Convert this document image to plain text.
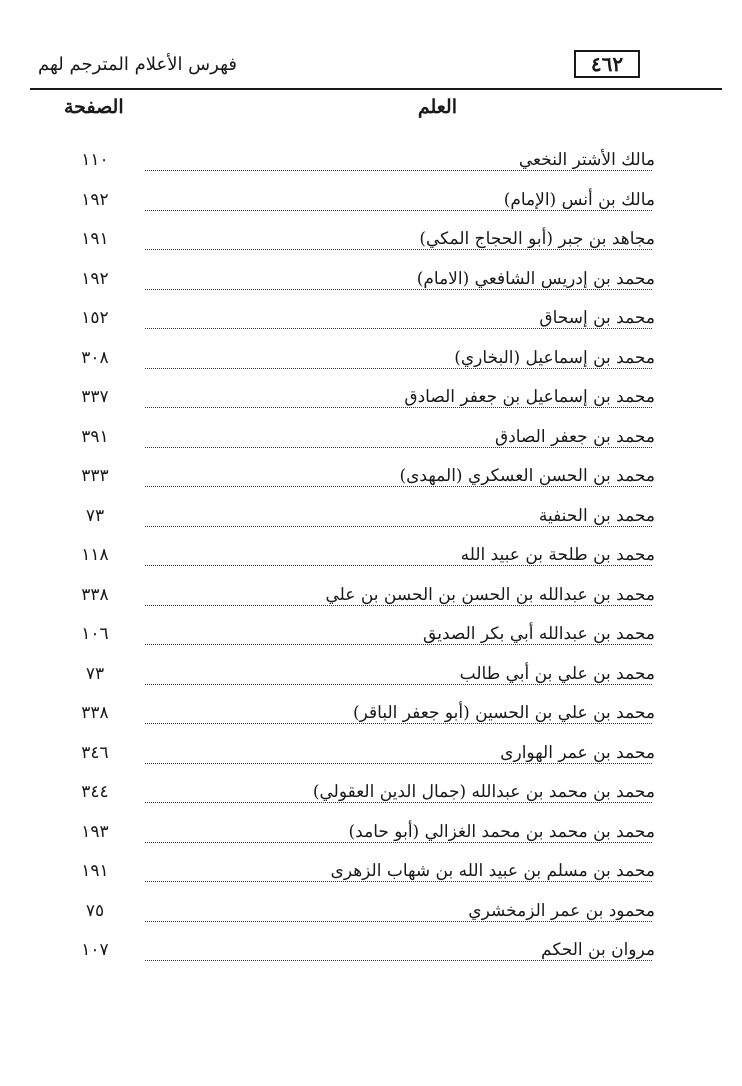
٤٦٢
فهرس الأعلام المترجم لهم
العلم
الصفحة
مالك الأشتر النخعي
١١٠
مالك بن أنس (الإمام)
١٩٢
مجاهد بن جبر (أبو الحجاج المكي)
١٩١
محمد بن إدريس الشافعي (الامام)
١٩٢
محمد بن إسحاق
١٥٢
محمد بن إسماعيل (البخاري)
٣٠٨
محمد بن إسماعيل بن جعفر الصادق
٣٣٧
محمد بن جعفر الصادق
٣٩١
محمد بن الحسن العسكري (المهدى)
٣٣٣
محمد بن الحنفية
٧٣
محمد بن طلحة بن عبيد الله
١١٨
محمد بن عبدالله بن الحسن بن الحسن بن علي
٣٣٨
محمد بن عبدالله أبي بكر الصديق
١٠٦
محمد بن علي بن أبي طالب
٧٣
محمد بن علي بن الحسين (أبو جعفر الباقر)
٣٣٨
محمد بن عمر الهوارى
٣٤٦
محمد بن محمد بن عبدالله (جمال الدين العقولي)
٣٤٤
محمد بن محمد بن محمد الغزالي (أبو حامد)
١٩٣
محمد بن مسلم بن عبيد الله بن شهاب الزهرى
١٩١
محمود بن عمر الزمخشري
٧٥
مروان بن الحكم
١٠٧
